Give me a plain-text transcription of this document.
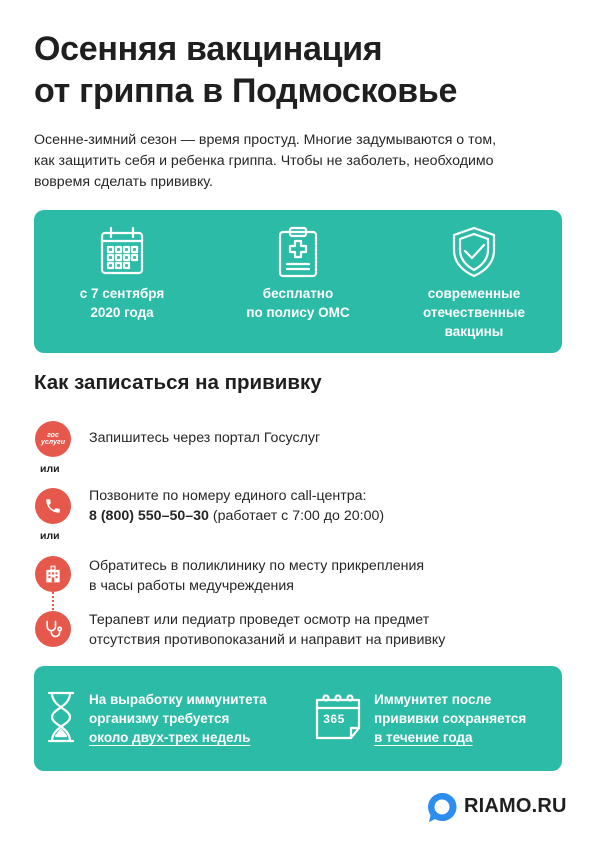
Осенняя вакцинация
от гриппа в Подмосковье

Осенне-зимний сезон — время простуд. Многие задумываются о том,
как защитить себя и ребенка гриппа. Чтобы не заболеть, необходимо
вовремя сделать прививку.

с 7 сентября
2020 года
бесплатно
по полису ОМС
современные
отечественные
вакцины
Как записаться на прививку
гос
услуги Запишитесь через портал Госуслуг
или
Позвоните по номеру единого call-центра:
8 (800) 550–50–30 (работает с 7:00 до 20:00)
или
Обратитесь в поликлинику по месту прикрепления
в часы работы медучреждения
Терапевт или педиатр проведет осмотр на предмет
отсутствия противопоказаний и направит на прививку
На выработку иммунитета
организму требуется
около двух-трех недель
365
Иммунитет после
прививки сохраняется
в течение года
RIAMO.RU
